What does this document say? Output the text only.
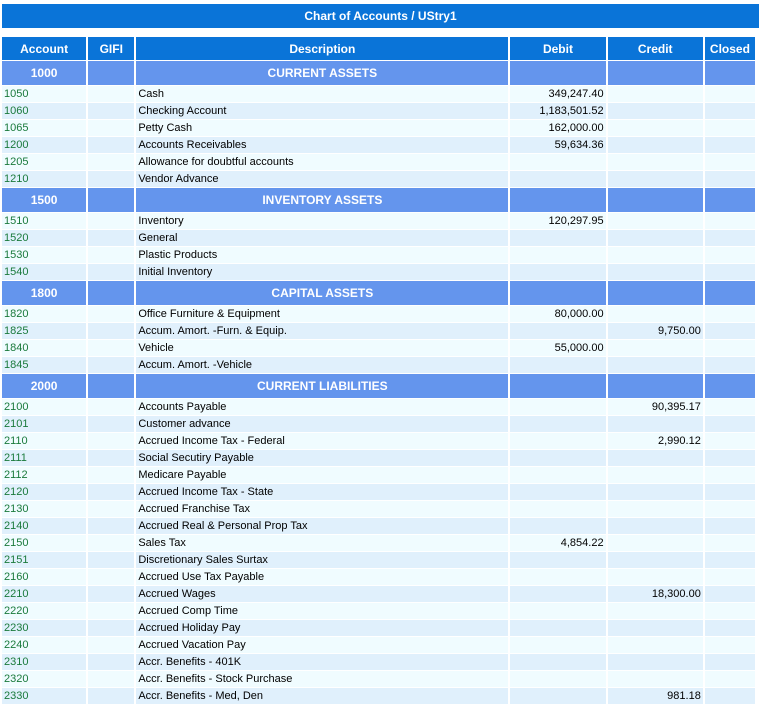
Chart of Accounts / UStry1
Account	GIFI	Description	Debit	Credit	Closed
1000		CURRENT ASSETS			
1050		Cash	349,247.40		
1060		Checking Account	1,183,501.52		
1065		Petty Cash	162,000.00		
1200		Accounts Receivables	59,634.36		
1205		Allowance for doubtful accounts			
1210		Vendor Advance			
1500		INVENTORY ASSETS			
1510		Inventory	120,297.95		
1520		General			
1530		Plastic Products			
1540		Initial Inventory			
1800		CAPITAL ASSETS			
1820		Office Furniture & Equipment	80,000.00		
1825		Accum. Amort. -Furn. & Equip.		9,750.00	
1840		Vehicle	55,000.00		
1845		Accum. Amort. -Vehicle			
2000		CURRENT LIABILITIES			
2100		Accounts Payable		90,395.17	
2101		Customer advance			
2110		Accrued Income Tax - Federal		2,990.12	
2111		Social Secutiry Payable			
2112		Medicare Payable			
2120		Accrued Income Tax - State			
2130		Accrued Franchise Tax			
2140		Accrued Real & Personal Prop Tax			
2150		Sales Tax	4,854.22		
2151		Discretionary Sales Surtax			
2160		Accrued Use Tax Payable			
2210		Accrued Wages		18,300.00	
2220		Accrued Comp Time			
2230		Accrued Holiday Pay			
2240		Accrued Vacation Pay			
2310		Accr. Benefits - 401K			
2320		Accr. Benefits - Stock Purchase			
2330		Accr. Benefits - Med, Den		981.18	
